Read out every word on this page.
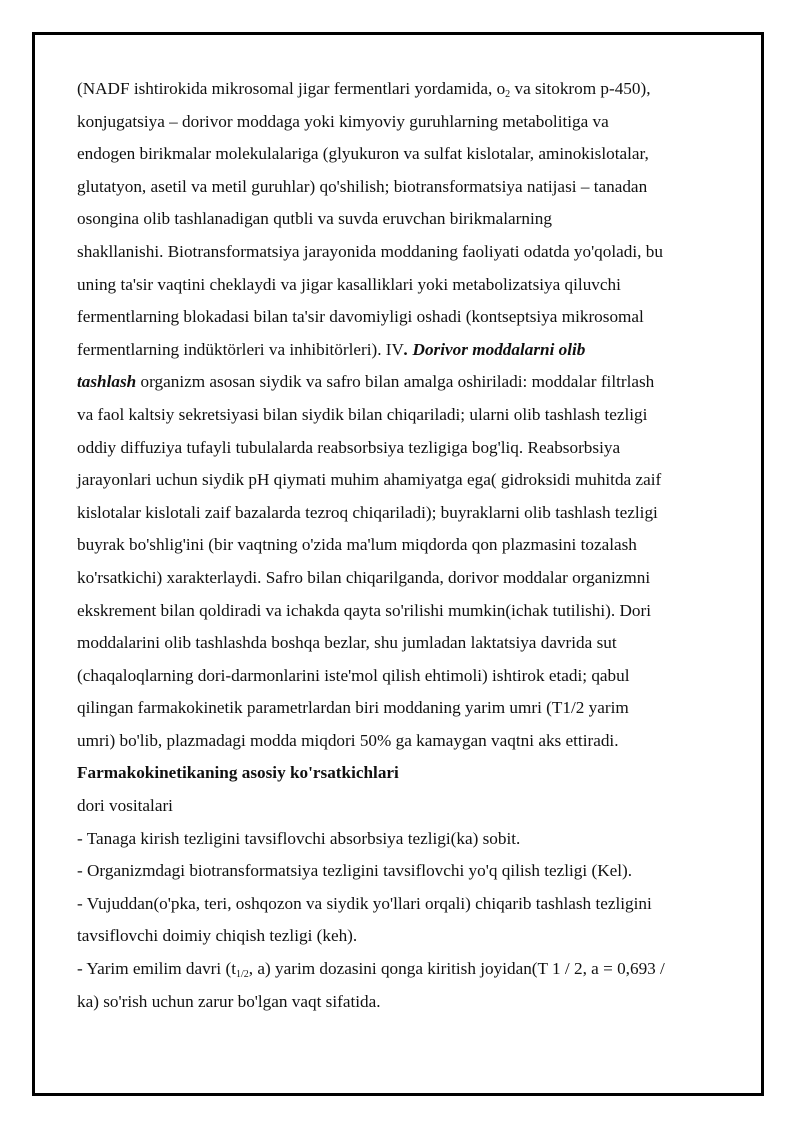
(NADF ishtirokida mikrosomal jigar fermentlari yordamida, $o_2$ va sitokrom p-450),
konjugatsiya – dorivor moddaga yoki kimyoviy guruhlarning metabolitiga va
endogen birikmalar molekulalariga (glyukuron va sulfat kislotalar, aminokislotalar,
glutatyon, asetil va metil guruhlar) qo'shilish; biotransformatsiya natijasi – tanadan
osongina olib tashlanadigan qutbli va suvda eruvchan birikmalarning
shakllanishi. Biotransformatsiya jarayonida moddaning faoliyati odatda yo'qoladi, bu
uning ta'sir vaqtini cheklaydi va jigar kasalliklari yoki metabolizatsiya qiluvchi
fermentlarning blokadasi bilan ta'sir davomiyligi oshadi (kontseptsiya mikrosomal
fermentlarning indüktörleri va inhibitörleri). IV. Dorivor moddalarni olib
tashlash organizm asosan siydik va safro bilan amalga oshiriladi: moddalar filtrlash
va faol kaltsiy sekretsiyasi bilan siydik bilan chiqariladi; ularni olib tashlash tezligi
oddiy diffuziya tufayli tubulalarda reabsorbsiya tezligiga bog'liq. Reabsorbsiya
jarayonlari uchun siydik pH qiymati muhim ahamiyatga ega( gidroksidi muhitda zaif
kislotalar kislotali zaif bazalarda tezroq chiqariladi); buyraklarni olib tashlash tezligi
buyrak bo'shlig'ini (bir vaqtning o'zida ma'lum miqdorda qon plazmasini tozalash
ko'rsatkichi) xarakterlaydi. Safro bilan chiqarilganda, dorivor moddalar organizmni
ekskrement bilan qoldiradi va ichakda qayta so'rilishi mumkin(ichak tutilishi). Dori
moddalarini olib tashlashda boshqa bezlar, shu jumladan laktatsiya davrida sut
(chaqaloqlarning dori-darmonlarini iste'mol qilish ehtimoli) ishtirok etadi; qabul
qilingan farmakokinetik parametrlardan biri moddaning yarim umri (T1/2 yarim
umri) bo'lib, plazmadagi modda miqdori 50% ga kamaygan vaqtni aks ettiradi.
Farmakokinetikaning asosiy ko'rsatkichlari
dori vositalari
- Tanaga kirish tezligini tavsiflovchi absorbsiya tezligi(ka) sobit.
- Organizmdagi biotransformatsiya tezligini tavsiflovchi yo'q qilish tezligi (Kel).
- Vujuddan(o'pka, teri, oshqozon va siydik yo'llari orqali) chiqarib tashlash tezligini
tavsiflovchi doimiy chiqish tezligi (keh).
- Yarim emilim davri ($t_{1/2}$, a) yarim dozasini qonga kiritish joyidan(T 1 / 2, a = 0,693 /
ka) so'rish uchun zarur bo'lgan vaqt sifatida.
